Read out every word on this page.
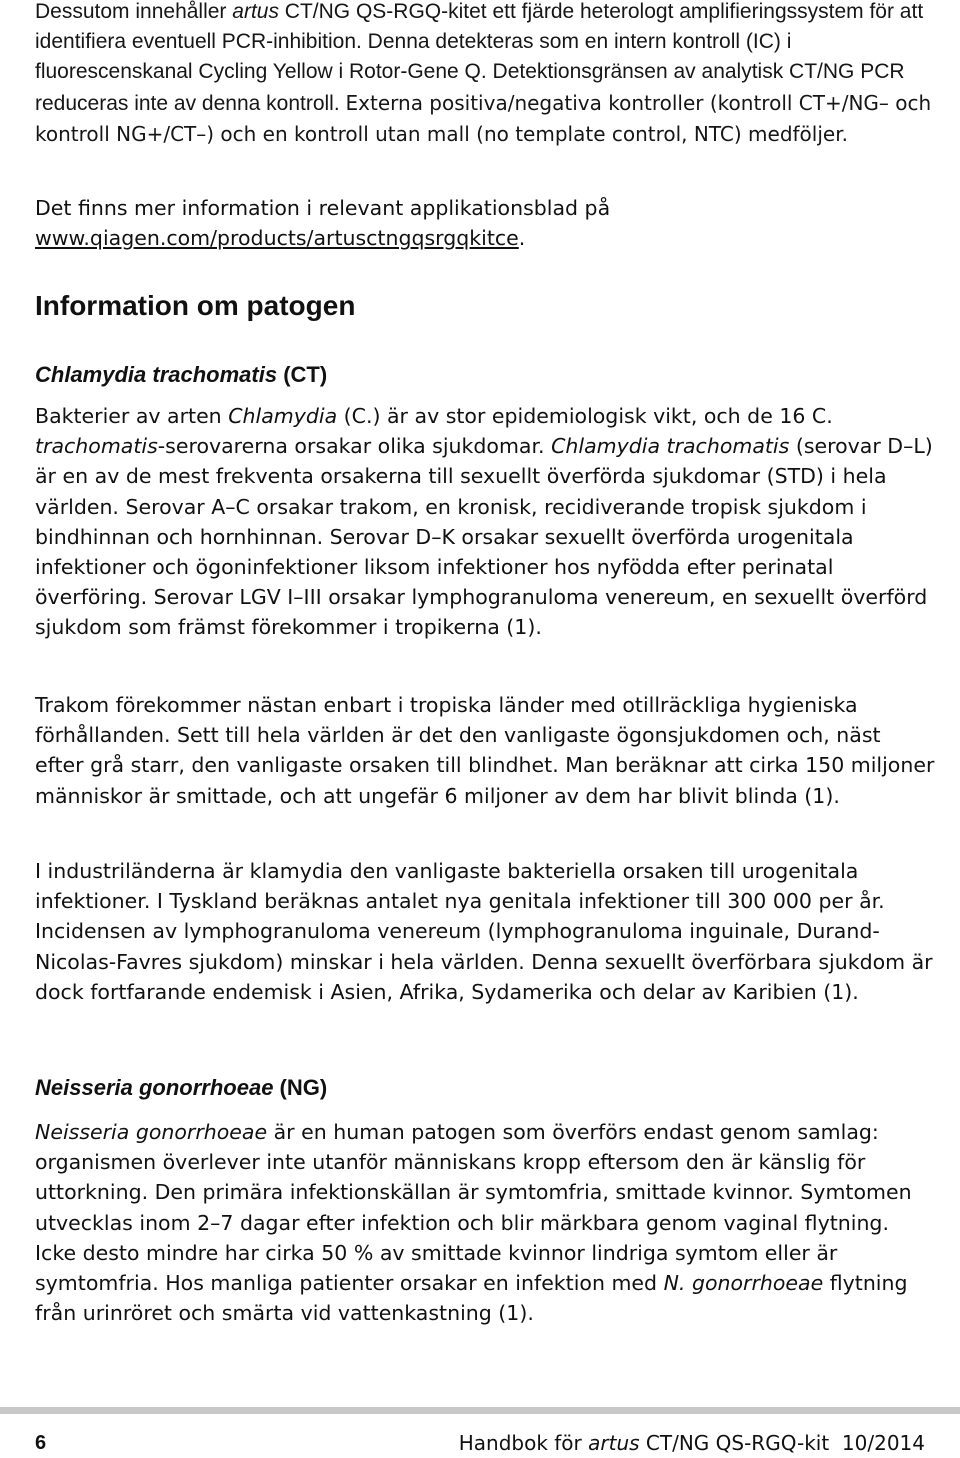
Dessutom innehåller artus CT/NG QS-RGQ-kitet ett fjärde heterologt amplifieringssystem för att identifiera eventuell PCR-inhibition. Denna detekteras som en intern kontroll (IC) i fluorescenskanal Cycling Yellow i Rotor-Gene Q. Detektionsgränsen av analytisk CT/NG PCR reduceras inte av denna kontroll. Externa positiva/negativa kontroller (kontroll CT+/NG– och kontroll NG+/CT–) och en kontroll utan mall (no template control, NTC) medföljer.

Det finns mer information i relevant applikationsblad på www.qiagen.com/products/artusctngqsrgqkitce.

Information om patogen
Chlamydia trachomatis (CT)

Bakterier av arten Chlamydia (C.) är av stor epidemiologisk vikt, och de 16 C. trachomatis-serovarerna orsakar olika sjukdomar. Chlamydia trachomatis (serovar D–L) är en av de mest frekventa orsakerna till sexuellt överförda sjukdomar (STD) i hela världen. Serovar A–C orsakar trakom, en kronisk, recidiverande tropisk sjukdom i bindhinnan och hornhinnan. Serovar D–K orsakar sexuellt överförda urogenitala infektioner och ögoninfektioner liksom infektioner hos nyfödda efter perinatal överföring. Serovar LGV I–III orsakar lymphogranuloma venereum, en sexuellt överförd sjukdom som främst förekommer i tropikerna (1).

Trakom förekommer nästan enbart i tropiska länder med otillräckliga hygieniska förhållanden. Sett till hela världen är det den vanligaste ögonsjukdomen och, näst efter grå starr, den vanligaste orsaken till blindhet. Man beräknar att cirka 150 miljoner människor är smittade, och att ungefär 6 miljoner av dem har blivit blinda (1).

I industriländerna är klamydia den vanligaste bakteriella orsaken till urogenitala infektioner. I Tyskland beräknas antalet nya genitala infektioner till 300 000 per år. Incidensen av lymphogranuloma venereum (lymphogranuloma inguinale, Durand-Nicolas-Favres sjukdom) minskar i hela världen. Denna sexuellt överförbara sjukdom är dock fortfarande endemisk i Asien, Afrika, Sydamerika och delar av Karibien (1).

Neisseria gonorrhoeae (NG)

Neisseria gonorrhoeae är en human patogen som överförs endast genom samlag: organismen överlever inte utanför människans kropp eftersom den är känslig för uttorkning. Den primära infektionskällan är symtomfria, smittade kvinnor. Symtomen utvecklas inom 2–7 dagar efter infektion och blir märkbara genom vaginal flytning. Icke desto mindre har cirka 50 % av smittade kvinnor lindriga symtom eller är symtomfria. Hos manliga patienter orsakar en infektion med N. gonorrhoeae flytning från urinröret och smärta vid vattenkastning (1).

6	Handbok för artus CT/NG QS-RGQ-kit 10/2014
